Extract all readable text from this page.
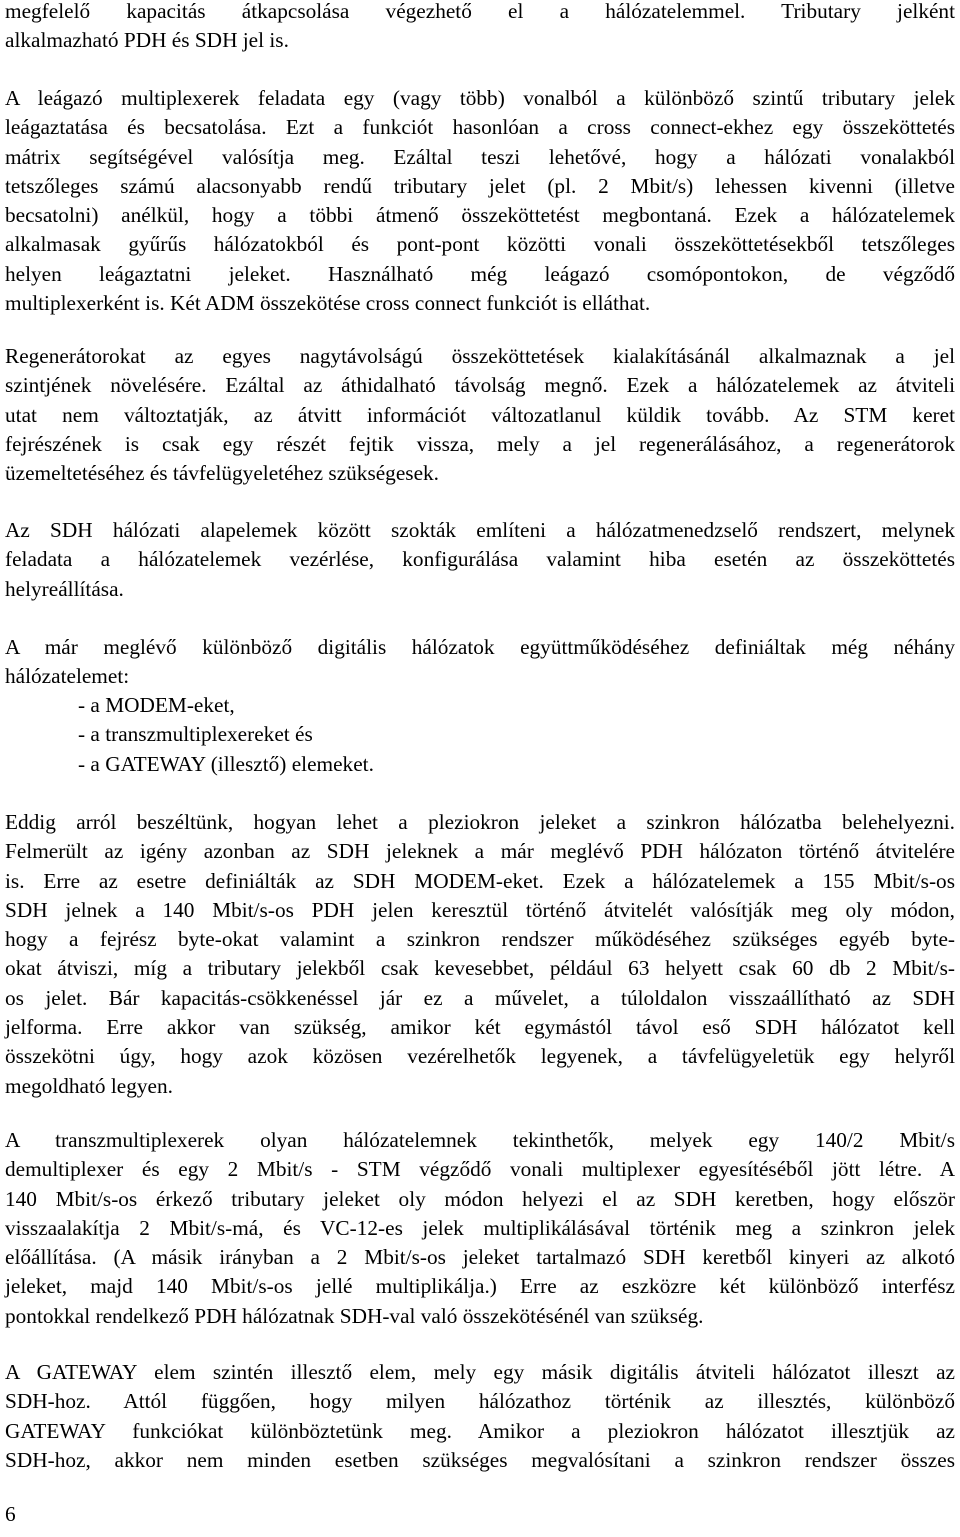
megfelelő kapacitás átkapcsolása végezhető el a hálózatelemmel. Tributary jelként
alkalmazható PDH és SDH jel is.
A leágazó multiplexerek feladata egy (vagy több) vonalból a különböző szintű tributary jelek
leágaztatása és becsatolása. Ezt a funkciót hasonlóan a cross connect-ekhez egy összeköttetés
mátrix segítségével valósítja meg. Ezáltal teszi lehetővé, hogy a hálózati vonalakból
tetszőleges számú alacsonyabb rendű tributary jelet (pl. 2 Mbit/s) lehessen kivenni (illetve
becsatolni) anélkül, hogy a többi átmenő összeköttetést megbontaná. Ezek a hálózatelemek
alkalmasak gyűrűs hálózatokból és pont-pont közötti vonali összeköttetésekből tetszőleges
helyen leágaztatni jeleket. Használható még leágazó csomópontokon, de végződő
multiplexerként is. Két ADM összekötése cross connect funkciót is elláthat.
Regenerátorokat az egyes nagytávolságú összeköttetések kialakításánál alkalmaznak a jel
szintjének növelésére. Ezáltal az áthidalható távolság megnő. Ezek a hálózatelemek az átviteli
utat nem változtatják, az átvitt információt változatlanul küldik tovább. Az STM keret
fejrészének is csak egy részét fejtik vissza, mely a jel regenerálásához, a regenerátorok
üzemeltetéséhez és távfelügyeletéhez szükségesek.
Az SDH hálózati alapelemek között szokták említeni a hálózatmenedzselő rendszert, melynek
feladata a hálózatelemek vezérlése, konfigurálása valamint hiba esetén az összeköttetés
helyreállítása.
A már meglévő különböző digitális hálózatok együttműködéséhez definiáltak még néhány
hálózatelemet:
- a MODEM-eket,
- a transzmultiplexereket és
- a GATEWAY (illesztő) elemeket.
Eddig arról beszéltünk, hogyan lehet a pleziokron jeleket a szinkron hálózatba belehelyezni.
Felmerült az igény azonban az SDH jeleknek a már meglévő PDH hálózaton történő átvitelére
is. Erre az esetre definiálták az SDH MODEM-eket. Ezek a hálózatelemek a 155 Mbit/s-os
SDH jelnek a 140 Mbit/s-os PDH jelen keresztül történő átvitelét valósítják meg oly módon,
hogy a fejrész byte-okat valamint a szinkron rendszer működéséhez szükséges egyéb byte-
okat átviszi, míg a tributary jelekből csak kevesebbet, például 63 helyett csak 60 db 2 Mbit/s-
os jelet. Bár kapacitás-csökkenéssel jár ez a művelet, a túloldalon visszaállítható az SDH
jelforma. Erre akkor van szükség, amikor két egymástól távol eső SDH hálózatot kell
összekötni úgy, hogy azok közösen vezérelhetők legyenek, a távfelügyeletük egy helyről
megoldható legyen.
A transzmultiplexerek olyan hálózatelemnek tekinthetők, melyek egy 140/2 Mbit/s
demultiplexer és egy 2 Mbit/s - STM végződő vonali multiplexer egyesítéséből jött létre. A
140 Mbit/s-os érkező tributary jeleket oly módon helyezi el az SDH keretben, hogy először
visszaalakítja 2 Mbit/s-má, és VC-12-es jelek multiplikálásával történik meg a szinkron jelek
előállítása. (A másik irányban a 2 Mbit/s-os jeleket tartalmazó SDH keretből kinyeri az alkotó
jeleket, majd 140 Mbit/s-os jellé multiplikálja.) Erre az eszközre két különböző interfész
pontokkal rendelkező PDH hálózatnak SDH-val való összekötésénél van szükség.
A GATEWAY elem szintén illesztő elem, mely egy másik digitális átviteli hálózatot illeszt az
SDH-hoz. Attól függően, hogy milyen hálózathoz történik az illesztés, különböző
GATEWAY funkciókat különböztetünk meg. Amikor a pleziokron hálózatot illesztjük az
SDH-hoz, akkor nem minden esetben szükséges megvalósítani a szinkron rendszer összes
6
